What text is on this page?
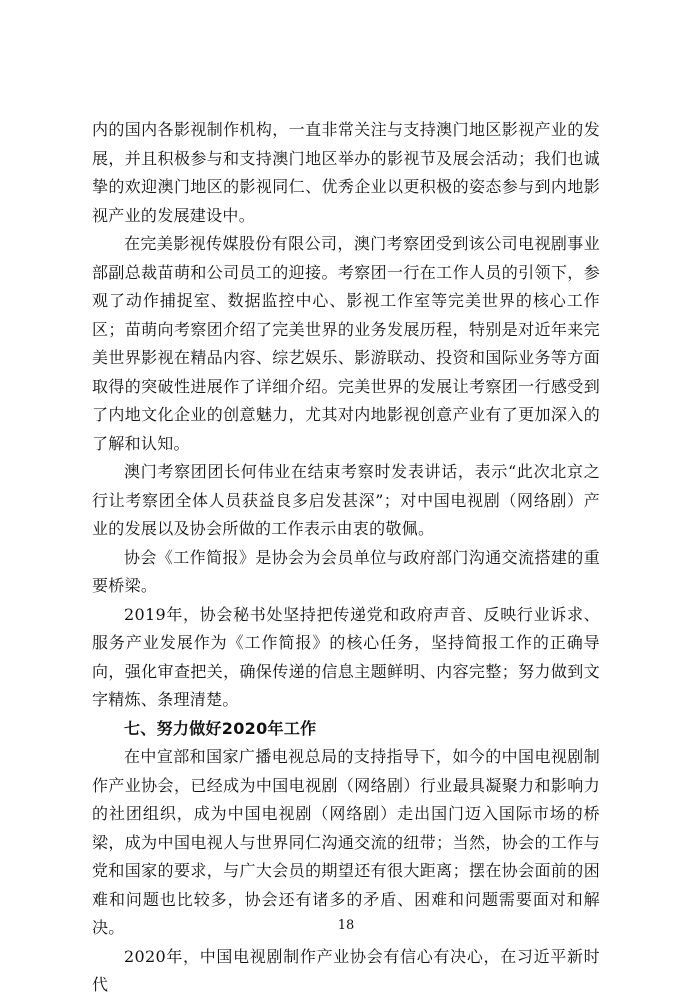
内的国内各影视制作机构，一直非常关注与支持澳门地区影视产业的发展，并且积极参与和支持澳门地区举办的影视节及展会活动；我们也诚挚的欢迎澳门地区的影视同仁、优秀企业以更积极的姿态参与到内地影视产业的发展建设中。

在完美影视传媒股份有限公司，澳门考察团受到该公司电视剧事业部副总裁苗萌和公司员工的迎接。考察团一行在工作人员的引领下，参观了动作捕捉室、数据监控中心、影视工作室等完美世界的核心工作区；苗萌向考察团介绍了完美世界的业务发展历程，特别是对近年来完美世界影视在精品内容、综艺娱乐、影游联动、投资和国际业务等方面取得的突破性进展作了详细介绍。完美世界的发展让考察团一行感受到了内地文化企业的创意魅力，尤其对内地影视创意产业有了更加深入的了解和认知。

澳门考察团团长何伟业在结束考察时发表讲话，表示“此次北京之行让考察团全体人员获益良多启发甚深”；对中国电视剧（网络剧）产业的发展以及协会所做的工作表示由衷的敬佩。

协会《工作简报》是协会为会员单位与政府部门沟通交流搭建的重要桥梁。

2019年，协会秘书处坚持把传递党和政府声音、反映行业诉求、服务产业发展作为《工作简报》的核心任务，坚持简报工作的正确导向，强化审查把关，确保传递的信息主题鲜明、内容完整；努力做到文字精炼、条理清楚。

七、努力做好2020年工作

在中宣部和国家广播电视总局的支持指导下，如今的中国电视剧制作产业协会，已经成为中国电视剧（网络剧）行业最具凝聚力和影响力的社团组织，成为中国电视剧（网络剧）走出国门迈入国际市场的桥梁，成为中国电视人与世界同仁沟通交流的纽带；当然，协会的工作与党和国家的要求，与广大会员的期望还有很大距离；摆在协会面前的困难和问题也比较多，协会还有诸多的矛盾、困难和问题需要面对和解决。

2020年，中国电视剧制作产业协会有信心有决心，在习近平新时代

18
